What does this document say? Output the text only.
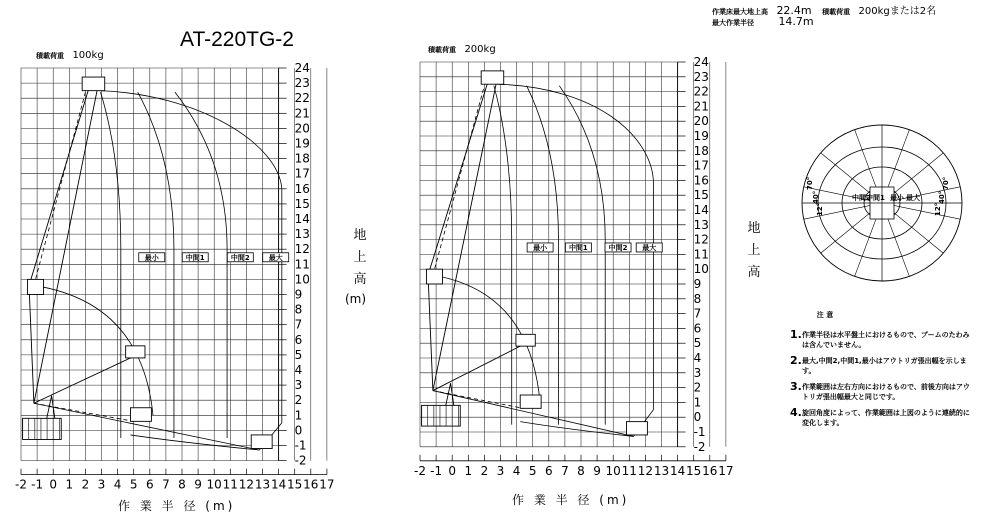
AT-220TG-2
作業床最大地上高 22.4m 積載荷重 200kgまたは2名
最大作業半径 14.7m
積載荷重 100kg	積載荷重 200kg
地
上
高
(m)
地
上
高
作 業 半 径 (m)	作 業 半 径 (m)
注 意
1. 作業半径は水平盤土におけるもので、ブームのたわみは含んでいません。
2. 最大,中間2,中間1,最小はアウトリガ張出幅を示します。
3. 作業範囲は左右方向におけるもので、前後方向はアウトリガ張出幅最大と同じです。
4. 旋回角度によって、作業範囲は上図のように連続的に変化します。
-2 -1 0 1 2 3 4 5 6 7 8 9 10 11 12 13 14 15 16 17
24
23
22
21
20
19
18
17
16
15
14
13
12
11
10
9
8
7
6
5
4
3
2
1
0
-1
-2
最小	中間1	中間2	最大
-2 -1 0 1 2 3 4 5 6 7 8 9 10 11 12 13 14 15 16 17
24
23
22
21
20
19
18
17
16
15
14
13
12
11
10
9
8
7
6
5
4
3
2
1
0
-1
-2
最小	中間1	中間2 最大
70°
40°
12°
70°
40°
12°
中間2
中間1 最小 最大
